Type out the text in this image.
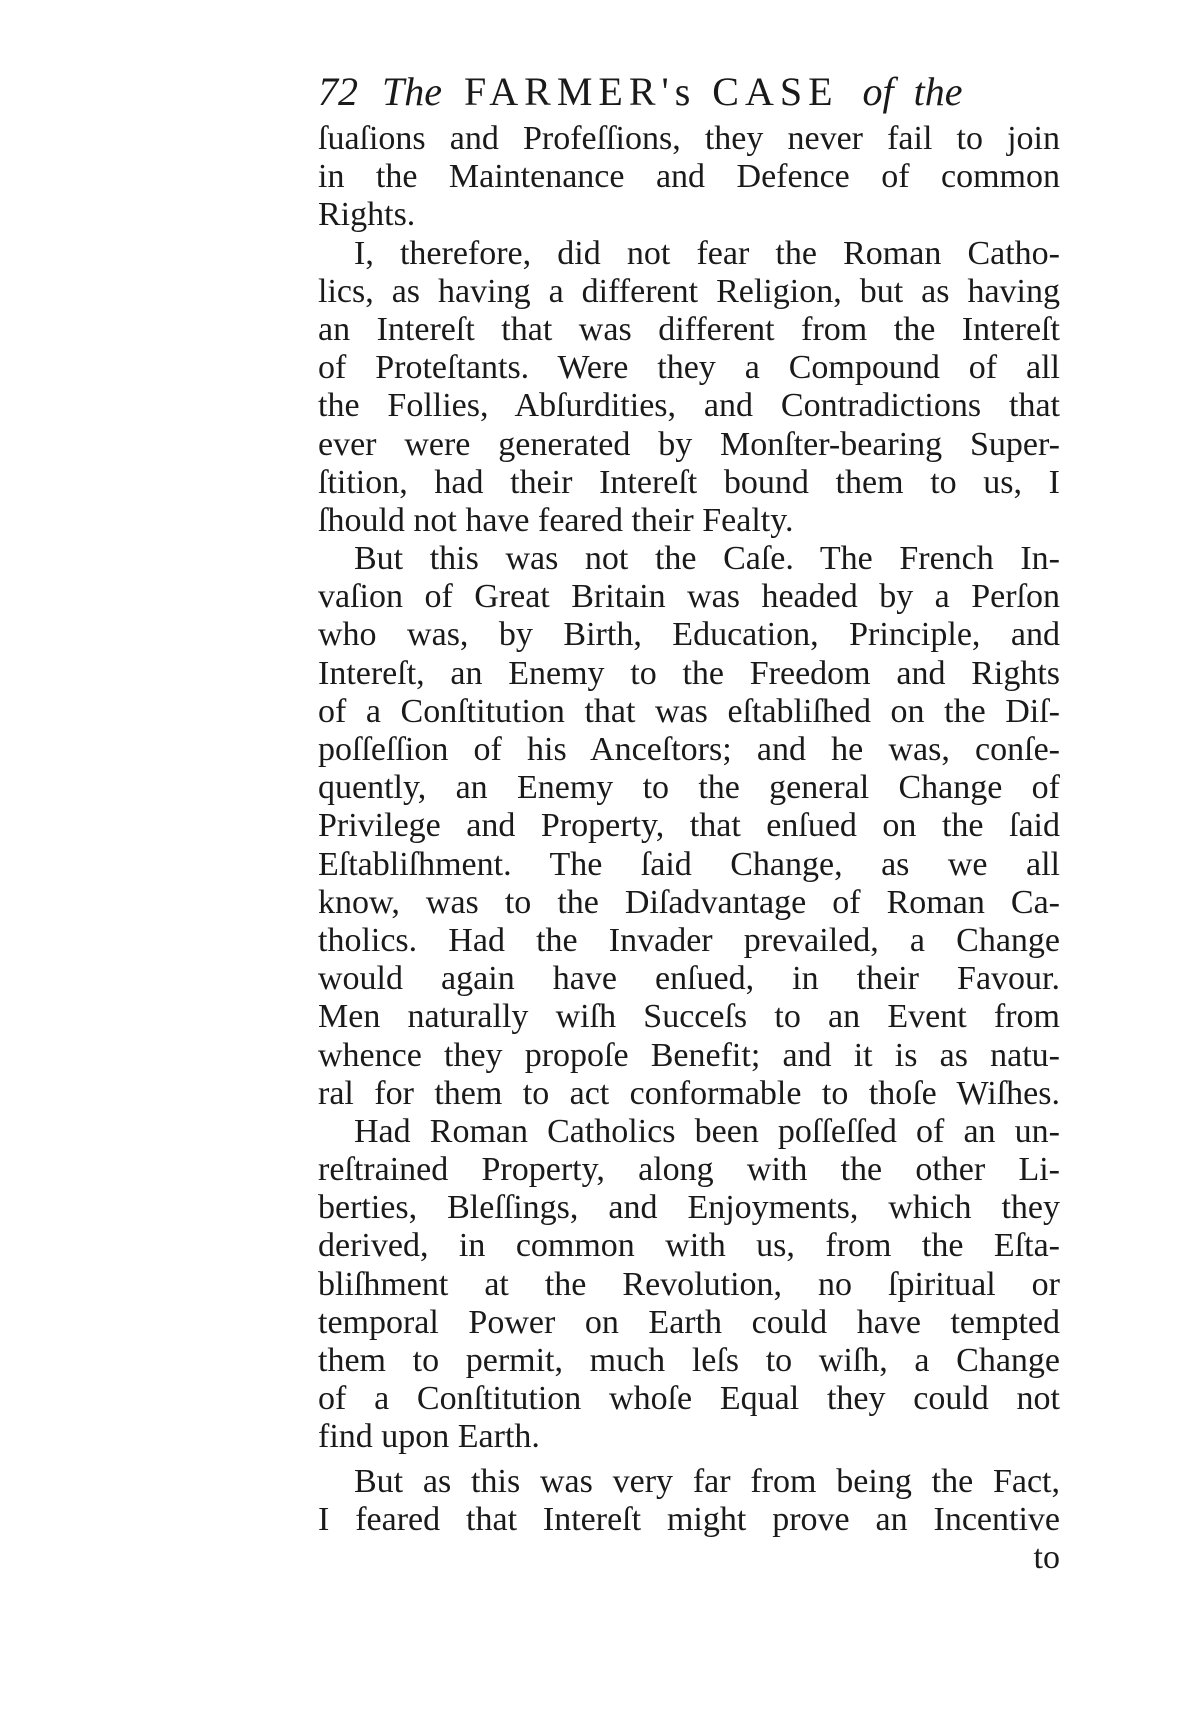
72 The FARMER's CASE of the
ſuaſions and Profeſſions, they never fail to join
in the Maintenance and Defence of common
Rights.
I, therefore, did not fear the Roman Catho-
lics, as having a different Religion, but as having
an Intereſt that was different from the Intereſt
of Proteſtants. Were they a Compound of all
the Follies, Abſurdities, and Contradictions that
ever were generated by Monſter-bearing Super-
ſtition, had their Intereſt bound them to us, I
ſhould not have feared their Fealty.
But this was not the Caſe. The French In-
vaſion of Great Britain was headed by a Perſon
who was, by Birth, Education, Principle, and
Intereſt, an Enemy to the Freedom and Rights
of a Conſtitution that was eſtabliſhed on the Diſ-
poſſeſſion of his Anceſtors; and he was, conſe-
quently, an Enemy to the general Change of
Privilege and Property, that enſued on the ſaid
Eſtabliſhment. The ſaid Change, as we all
know, was to the Diſadvantage of Roman Ca-
tholics. Had the Invader prevailed, a Change
would again have enſued, in their Favour.
Men naturally wiſh Succeſs to an Event from
whence they propoſe Benefit; and it is as natu-
ral for them to act conformable to thoſe Wiſhes.
Had Roman Catholics been poſſeſſed of an un-
reſtrained Property, along with the other Li-
berties, Bleſſings, and Enjoyments, which they
derived, in common with us, from the Eſta-
bliſhment at the Revolution, no ſpiritual or
temporal Power on Earth could have tempted
them to permit, much leſs to wiſh, a Change
of a Conſtitution whoſe Equal they could not
find upon Earth.
But as this was very far from being the Fact,
I feared that Intereſt might prove an Incentive
to
